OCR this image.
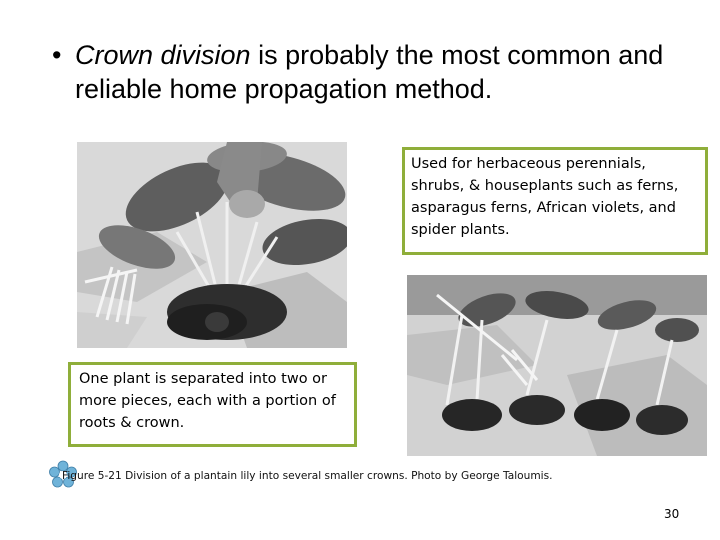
• Crown division is probably the most common and reliable home propagation method.
Used for herbaceous perennials, shrubs, & houseplants such as ferns, asparagus ferns, African violets, and spider plants.
One plant is separated into two or more pieces, each with a portion of roots & crown.
Figure 5-21 Division of a plantain lily into several smaller crowns. Photo by George Taloumis.
30
